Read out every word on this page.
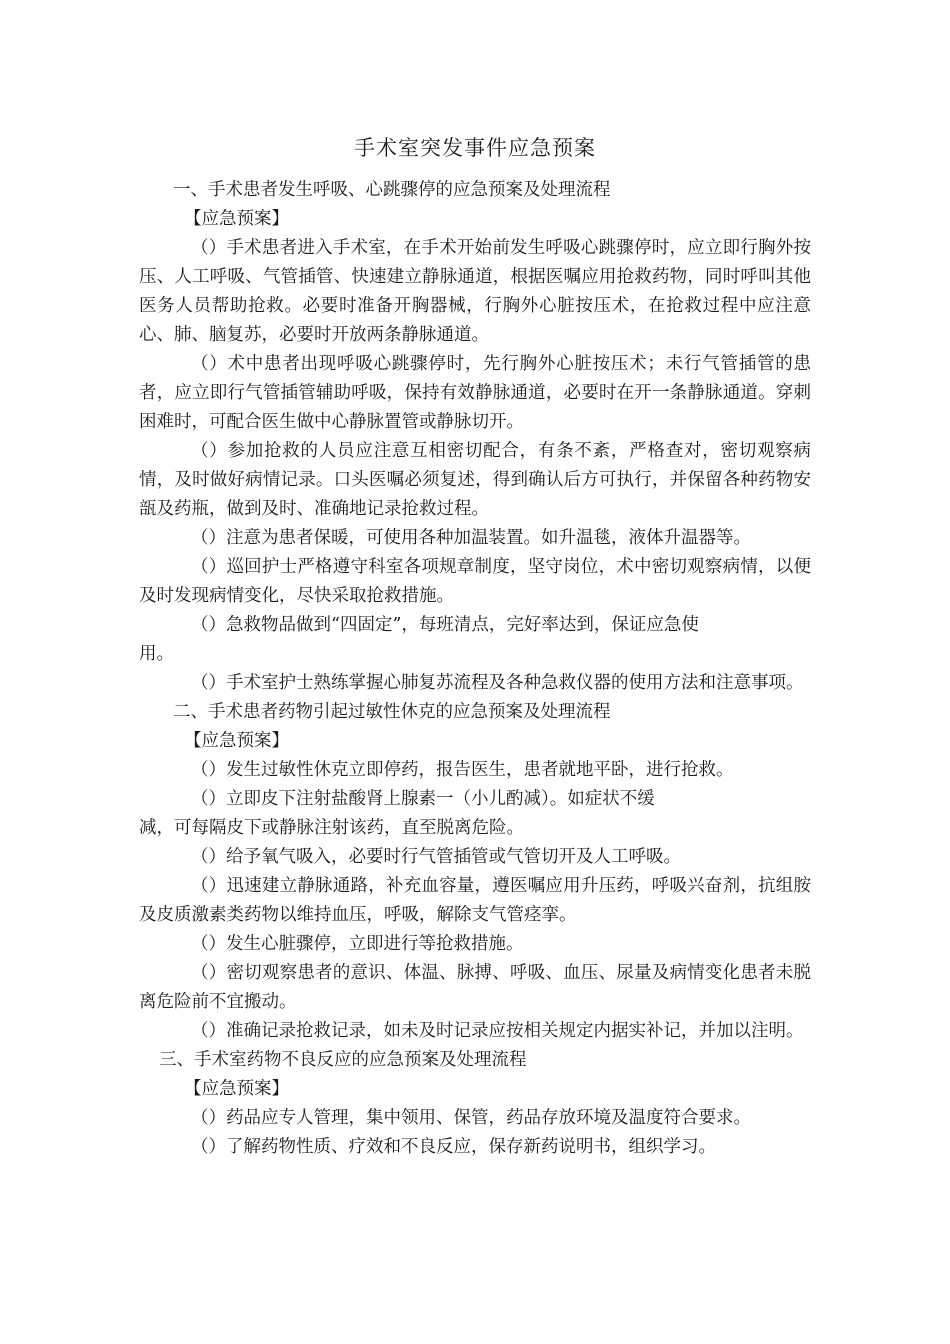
手术室突发事件应急预案

一、手术患者发生呼吸、心跳骤停的应急预案及处理流程

【应急预案】

（）手术患者进入手术室，在手术开始前发生呼吸心跳骤停时，应立即行胸外按压、人工呼吸、气管插管、快速建立静脉通道，根据医嘱应用抢救药物，同时呼叫其他医务人员帮助抢救。必要时准备开胸器械，行胸外心脏按压术，在抢救过程中应注意心、肺、脑复苏，必要时开放两条静脉通道。

（）术中患者出现呼吸心跳骤停时，先行胸外心脏按压术；未行气管插管的患者，应立即行气管插管辅助呼吸，保持有效静脉通道，必要时在开一条静脉通道。穿刺困难时，可配合医生做中心静脉置管或静脉切开。

（）参加抢救的人员应注意互相密切配合，有条不紊，严格查对，密切观察病情，及时做好病情记录。口头医嘱必须复述，得到确认后方可执行，并保留各种药物安瓿及药瓶，做到及时、准确地记录抢救过程。

（）注意为患者保暖，可使用各种加温装置。如升温毯，液体升温器等。

（）巡回护士严格遵守科室各项规章制度，坚守岗位，术中密切观察病情，以便及时发现病情变化，尽快采取抢救措施。

（）急救物品做到“四固定”，每班清点，完好率达到，保证应急使

用。

（）手术室护士熟练掌握心肺复苏流程及各种急救仪器的使用方法和注意事项。

二、手术患者药物引起过敏性休克的应急预案及处理流程

【应急预案】

（）发生过敏性休克立即停药，报告医生，患者就地平卧，进行抢救。

（）立即皮下注射盐酸肾上腺素一（小儿酌减）。如症状不缓

减，可每隔皮下或静脉注射该药，直至脱离危险。

（）给予氧气吸入，必要时行气管插管或气管切开及人工呼吸。

（）迅速建立静脉通路，补充血容量，遵医嘱应用升压药，呼吸兴奋剂，抗组胺及皮质激素类药物以维持血压，呼吸，解除支气管痉挛。

（）发生心脏骤停，立即进行等抢救措施。

（）密切观察患者的意识、体温、脉搏、呼吸、血压、尿量及病情变化患者未脱离危险前不宜搬动。

（）准确记录抢救记录，如未及时记录应按相关规定内据实补记，并加以注明。

三、手术室药物不良反应的应急预案及处理流程

【应急预案】

（）药品应专人管理，集中领用、保管，药品存放环境及温度符合要求。

（）了解药物性质、疗效和不良反应，保存新药说明书，组织学习。
